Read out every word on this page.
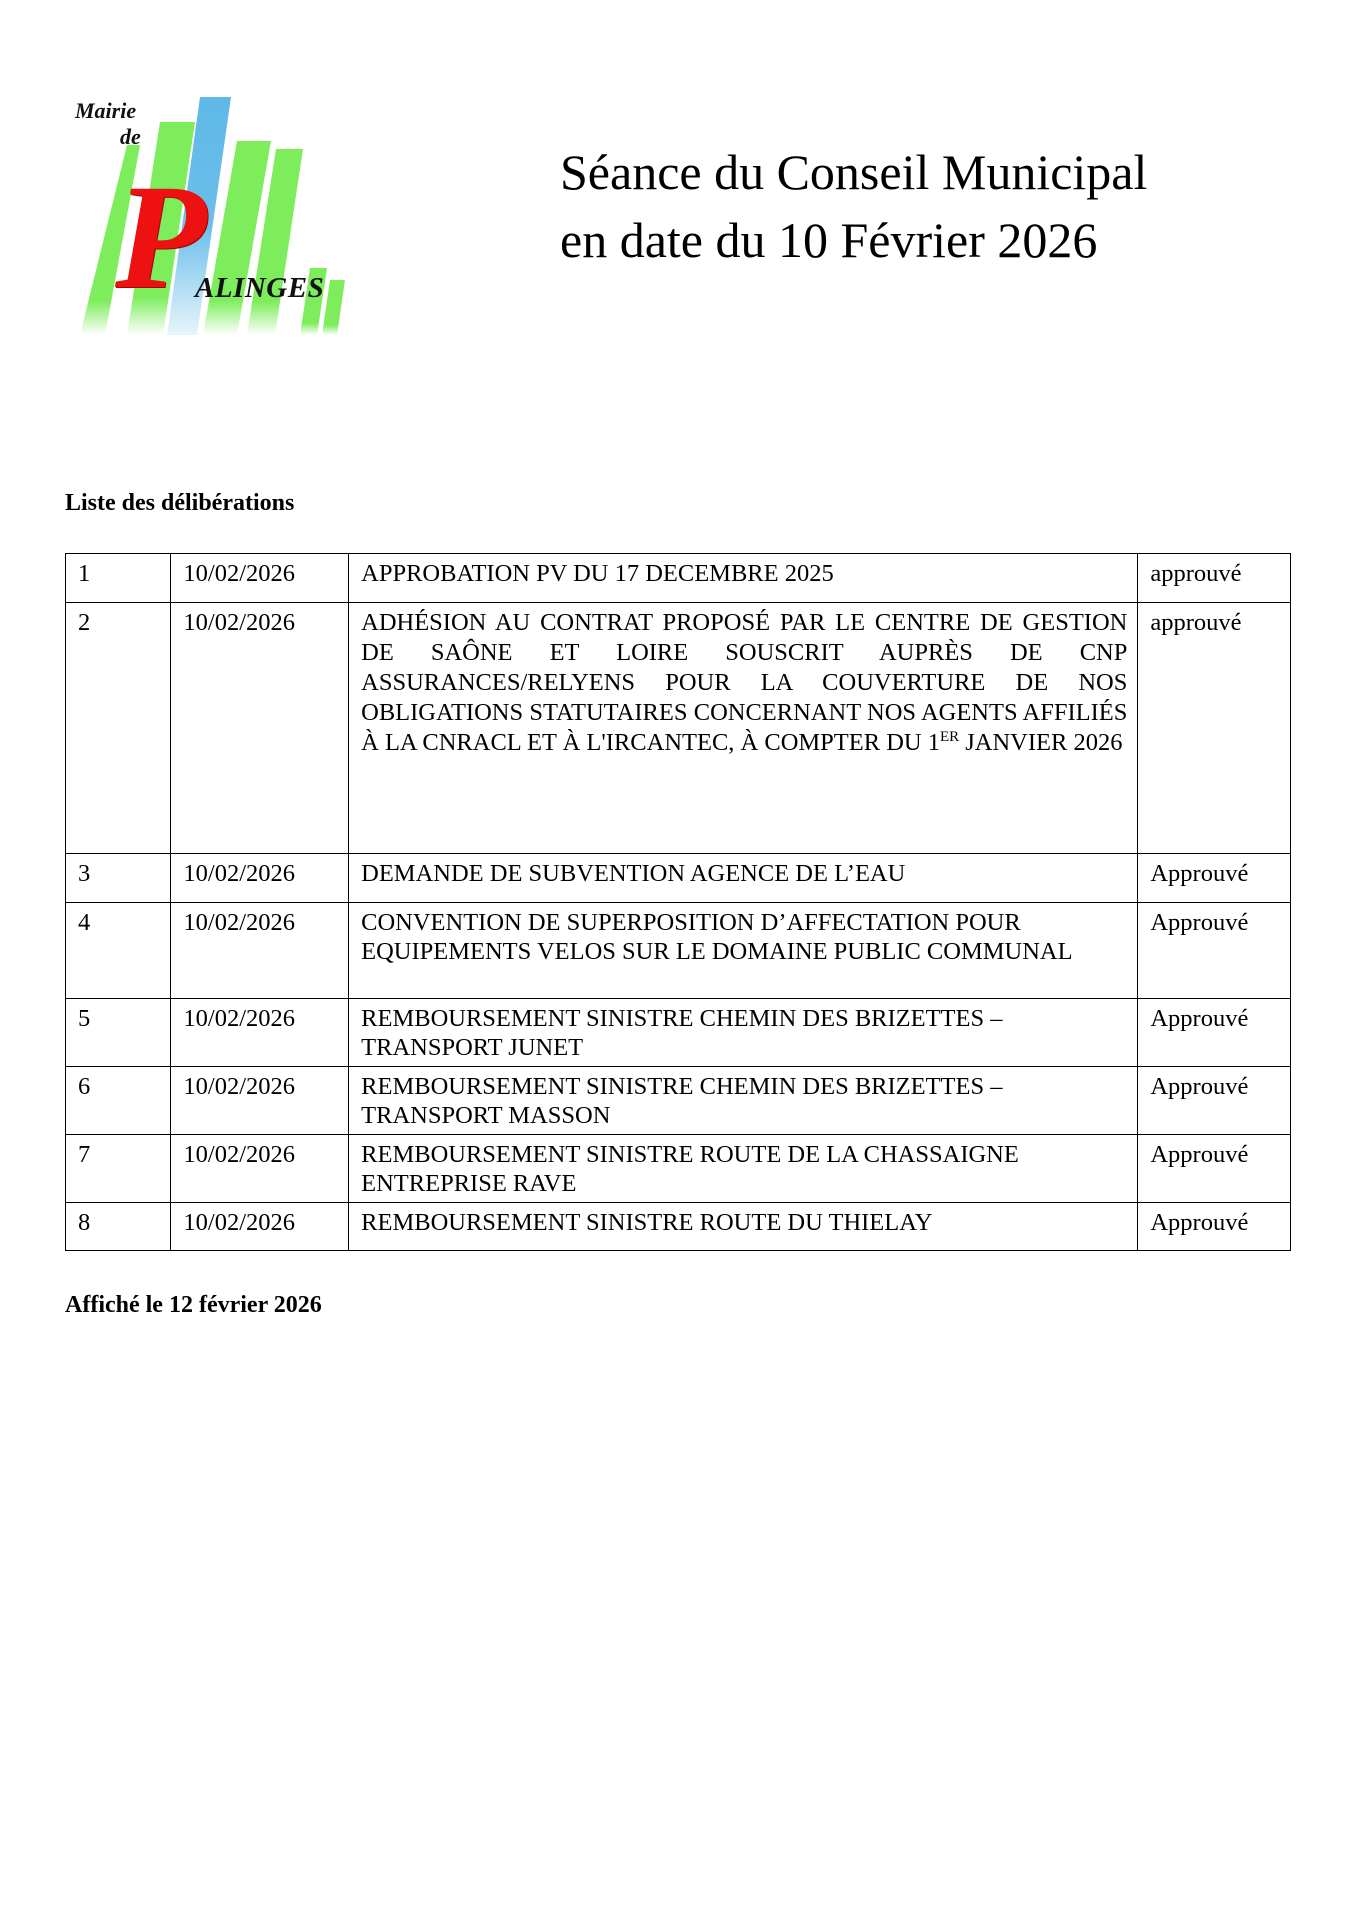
Mairie
de
P
ALINGES
Séance du Conseil Municipal
en date du 10 Février 2026
Liste des délibérations
1	10/02/2026	APPROBATION PV DU 17 DECEMBRE 2025	approuvé
2	10/02/2026	ADHÉSION AU CONTRAT PROPOSÉ PAR LE CENTRE DE GESTION DE SAÔNE ET LOIRE SOUSCRIT AUPRÈS DE CNP ASSURANCES/RELYENS POUR LA COUVERTURE DE NOS OBLIGATIONS STATUTAIRES CONCERNANT NOS AGENTS AFFILIÉS À LA CNRACL ET À L'IRCANTEC, À COMPTER DU 1ER JANVIER 2026	approuvé
3	10/02/2026	DEMANDE DE SUBVENTION AGENCE DE L’EAU	Approuvé
4	10/02/2026	CONVENTION DE SUPERPOSITION D’AFFECTATION POUR EQUIPEMENTS VELOS SUR LE DOMAINE PUBLIC COMMUNAL	Approuvé
5	10/02/2026	REMBOURSEMENT SINISTRE CHEMIN DES BRIZETTES – TRANSPORT JUNET	Approuvé
6	10/02/2026	REMBOURSEMENT SINISTRE CHEMIN DES BRIZETTES – TRANSPORT MASSON	Approuvé
7	10/02/2026	REMBOURSEMENT SINISTRE ROUTE DE LA CHASSAIGNE ENTREPRISE RAVE	Approuvé
8	10/02/2026	REMBOURSEMENT SINISTRE ROUTE DU THIELAY	Approuvé
Affiché le 12 février 2026
